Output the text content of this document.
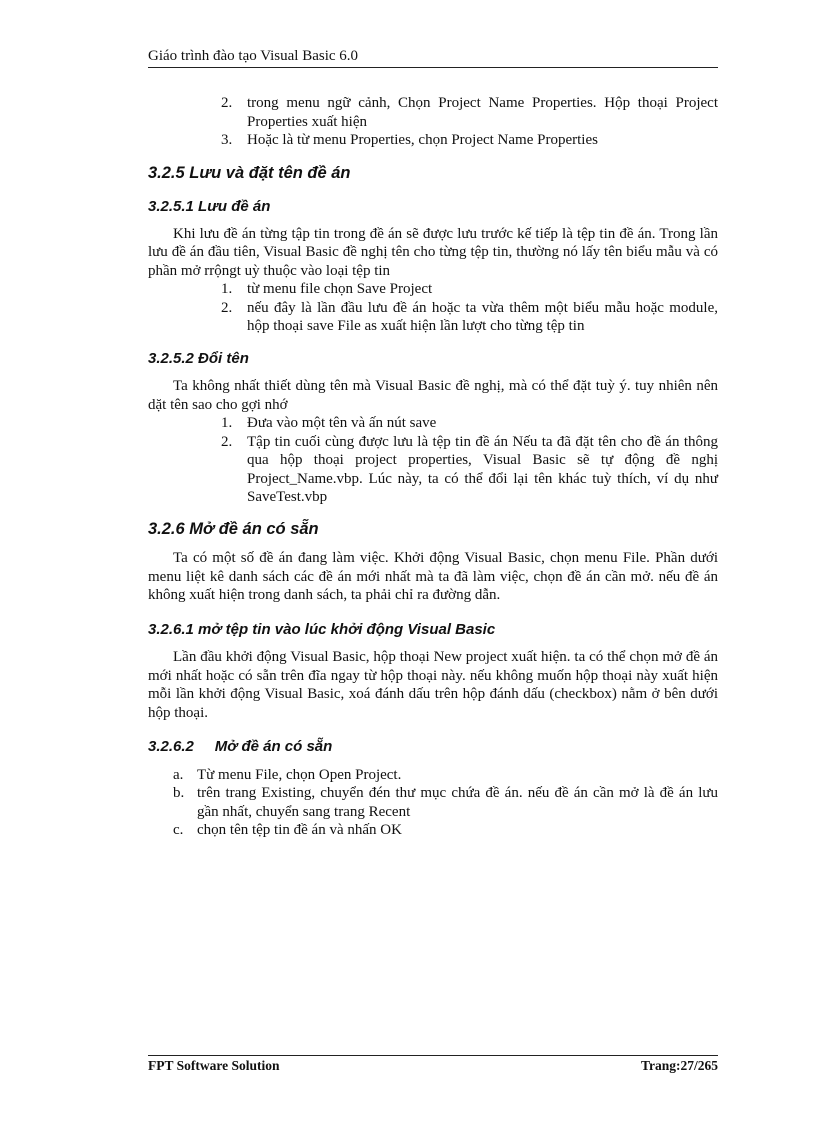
Giáo trình đào tạo Visual Basic 6.0
2. trong menu ngữ cảnh, Chọn Project Name Properties. Hộp thoại Project Properties xuất hiện
3. Hoặc là từ menu Properties, chọn Project Name Properties
3.2.5 Lưu và đặt tên đề án
3.2.5.1 Lưu đề án

Khi lưu đề án từng tập tin trong đề án sẽ được lưu trước kế tiếp là tệp tin đề án. Trong lần lưu đề án đầu tiên, Visual Basic đề nghị tên cho từng tệp tin, thường nó lấy tên biểu mẫu và có phần mở rrộngt uỳ thuộc vào loại tệp tin

1. từ menu file chọn Save Project
2. nếu đây là lần đầu lưu đề án hoặc ta vừa thêm một biểu mẫu hoặc module, hộp thoại save File as xuất hiện lần lượt cho từng tệp tin
3.2.5.2 Đổi tên

Ta không nhất thiết dùng tên mà Visual Basic đề nghị, mà có thể đặt tuỳ ý. tuy nhiên nên dặt tên sao cho gợi nhớ

1. Đưa vào một tên và ấn nút save
2. Tập tin cuối cùng được lưu là tệp tin đề án Nếu ta đã đặt tên cho đề án thông qua hộp thoại project properties, Visual Basic sẽ tự động đề nghị Project_Name.vbp. Lúc này, ta có thể đổi lại tên khác tuỳ thích, ví dụ như SaveTest.vbp
3.2.6 Mở đề án có sẵn

Ta có một số đề án đang làm việc. Khởi động Visual Basic, chọn menu File. Phần dưới menu liệt kê danh sách các đề án mới nhất mà ta đã làm việc, chọn đề án cần mở. nếu đề án không xuất hiện trong danh sách, ta phải chỉ ra đường dẫn.

3.2.6.1 mở tệp tin vào lúc khởi động Visual Basic

Lần đầu khởi động Visual Basic, hộp thoại New project xuất hiện. ta có thể chọn mở đề án mới nhất hoặc có sẵn trên đĩa ngay từ hộp thoại này. nếu không muốn hộp thoại này xuất hiện mỗi lần khởi động Visual Basic, xoá đánh dấu trên hộp đánh dấu (checkbox) nằm ở bên dưới hộp thoại.

3.2.6.2     Mở đề án có sẵn
a. Từ menu File, chọn Open Project.
b. trên trang Existing, chuyển đén thư mục chứa đề án. nếu đề án cần mở là đề án lưu gần nhất, chuyển sang trang Recent
c. chọn tên tệp tin đề án và nhấn OK
FPT Software Solution	Trang:27/265
